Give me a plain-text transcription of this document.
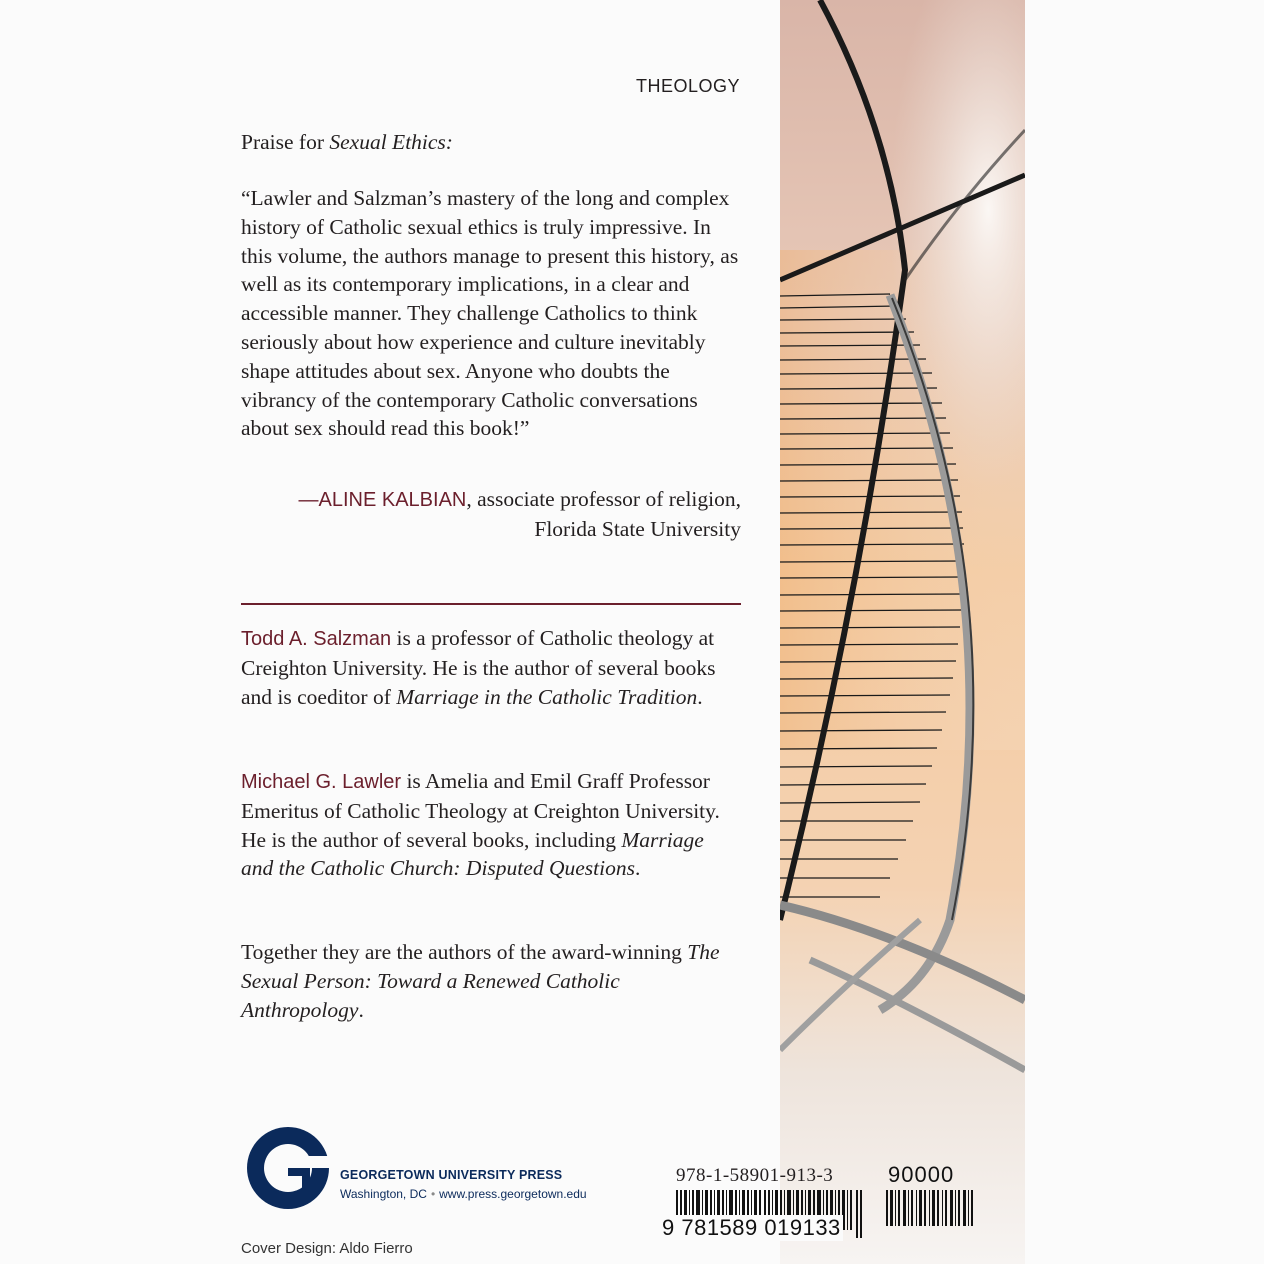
THEOLOGY
Praise for Sexual Ethics:
“Lawler and Salzman’s mastery of the long and complex history of Catholic sexual ethics is truly impressive. In this volume, the authors manage to present this history, as well as its contemporary implications, in a clear and accessible manner. They challenge Catholics to think seriously about how experience and culture inevitably shape attitudes about sex. Anyone who doubts the vibrancy of the contemporary Catholic conversations about sex should read this book!”
—ALINE KALBIAN, associate professor of religion,
Florida State University
Todd A. Salzman is a professor of Catholic theology at Creighton University. He is the author of several books and is coeditor of Marriage in the Catholic Tradition.
Michael G. Lawler is Amelia and Emil Graff Professor Emeritus of Catholic Theology at Creighton University. He is the author of several books, including Marriage and the Catholic Church: Disputed Questions.
Together they are the authors of the award-winning The Sexual Person: Toward a Renewed Catholic Anthropology.
GEORGETOWN UNIVERSITY PRESS
Washington, DC • www.press.georgetown.edu
978-1-58901-913-3
9 781589 019133
90000
Cover Design: Aldo Fierro
